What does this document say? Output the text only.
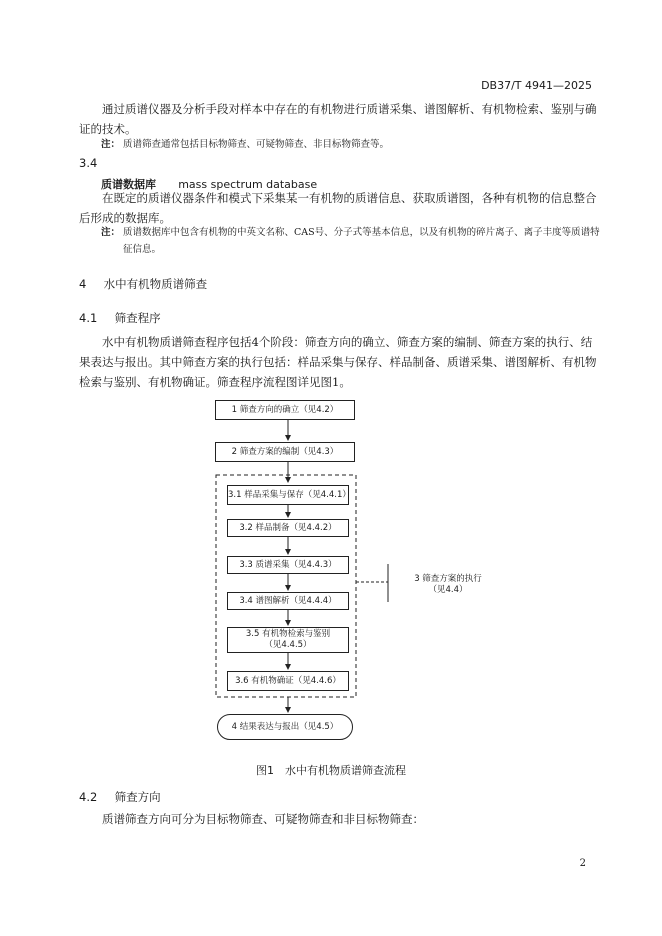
DB37/T 4941—2025

通过质谱仪器及分析手段对样本中存在的有机物进行质谱采集、谱图解析、有机物检索、鉴别与确证的技术。

注： 质谱筛查通常包括目标物筛查、可疑物筛查、非目标物筛查等。
3.4
质谱数据库 mass spectrum database

在既定的质谱仪器条件和模式下采集某一有机物的质谱信息、获取质谱图，各种有机物的信息整合后形成的数据库。

注： 质谱数据库中包含有机物的中英文名称、CAS号、分子式等基本信息，以及有机物的碎片离子、离子丰度等质谱特征信息。
4 水中有机物质谱筛查
4.1 筛查程序

水中有机物质谱筛查程序包括4个阶段：筛查方向的确立、筛查方案的编制、筛查方案的执行、结果表达与报出。其中筛查方案的执行包括：样品采集与保存、样品制备、质谱采集、谱图解析、有机物检索与鉴别、有机物确证。筛查程序流程图详见图1。

1 筛查方向的确立（见4.2）
2 筛查方案的编制（见4.3）
3.1 样品采集与保存（见4.4.1）
3.2 样品制备（见4.4.2）
3.3 质谱采集（见4.4.3）
3.4 谱图解析（见4.4.4）
3.5 有机物检索与鉴别
（见4.4.5）
3.6 有机物确证（见4.4.6）
4 结果表达与报出（见4.5）
3 筛查方案的执行
（见4.4）
图1　水中有机物质谱筛查流程
4.2 筛查方向

质谱筛查方向可分为目标物筛查、可疑物筛查和非目标物筛查：

2
